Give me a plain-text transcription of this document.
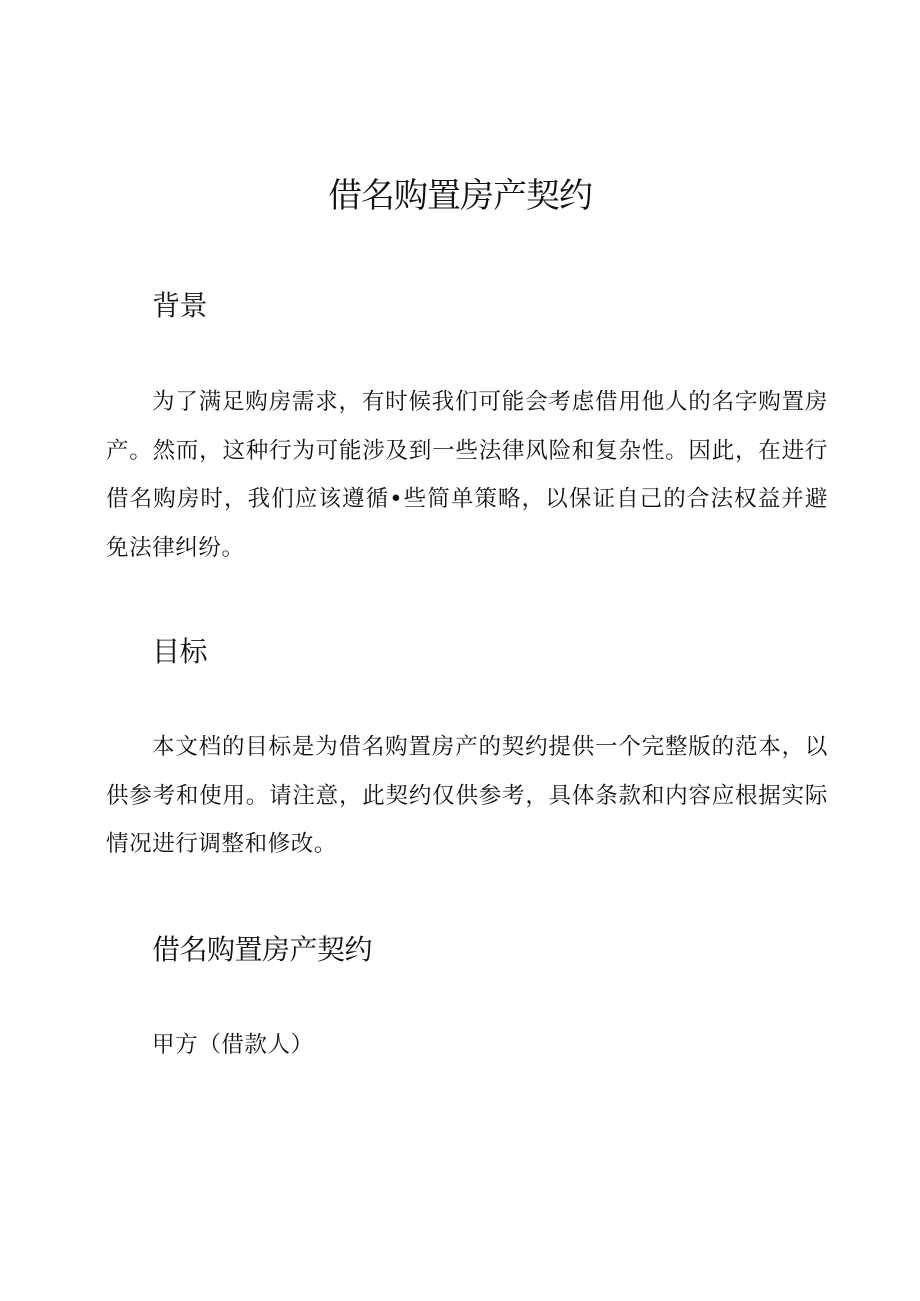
借名购置房产契约
背景

为了满足购房需求，有时候我们可能会考虑借用他人的名字购置房产。然而，这种行为可能涉及到一些法律风险和复杂性。因此，在进行借名购房时，我们应该遵循•些简单策略，以保证自己的合法权益并避免法律纠纷。

目标

本文档的目标是为借名购置房产的契约提供一个完整版的范本，以供参考和使用。请注意，此契约仅供参考，具体条款和内容应根据实际情况进行调整和修改。

借名购置房产契约

甲方（借款人）
